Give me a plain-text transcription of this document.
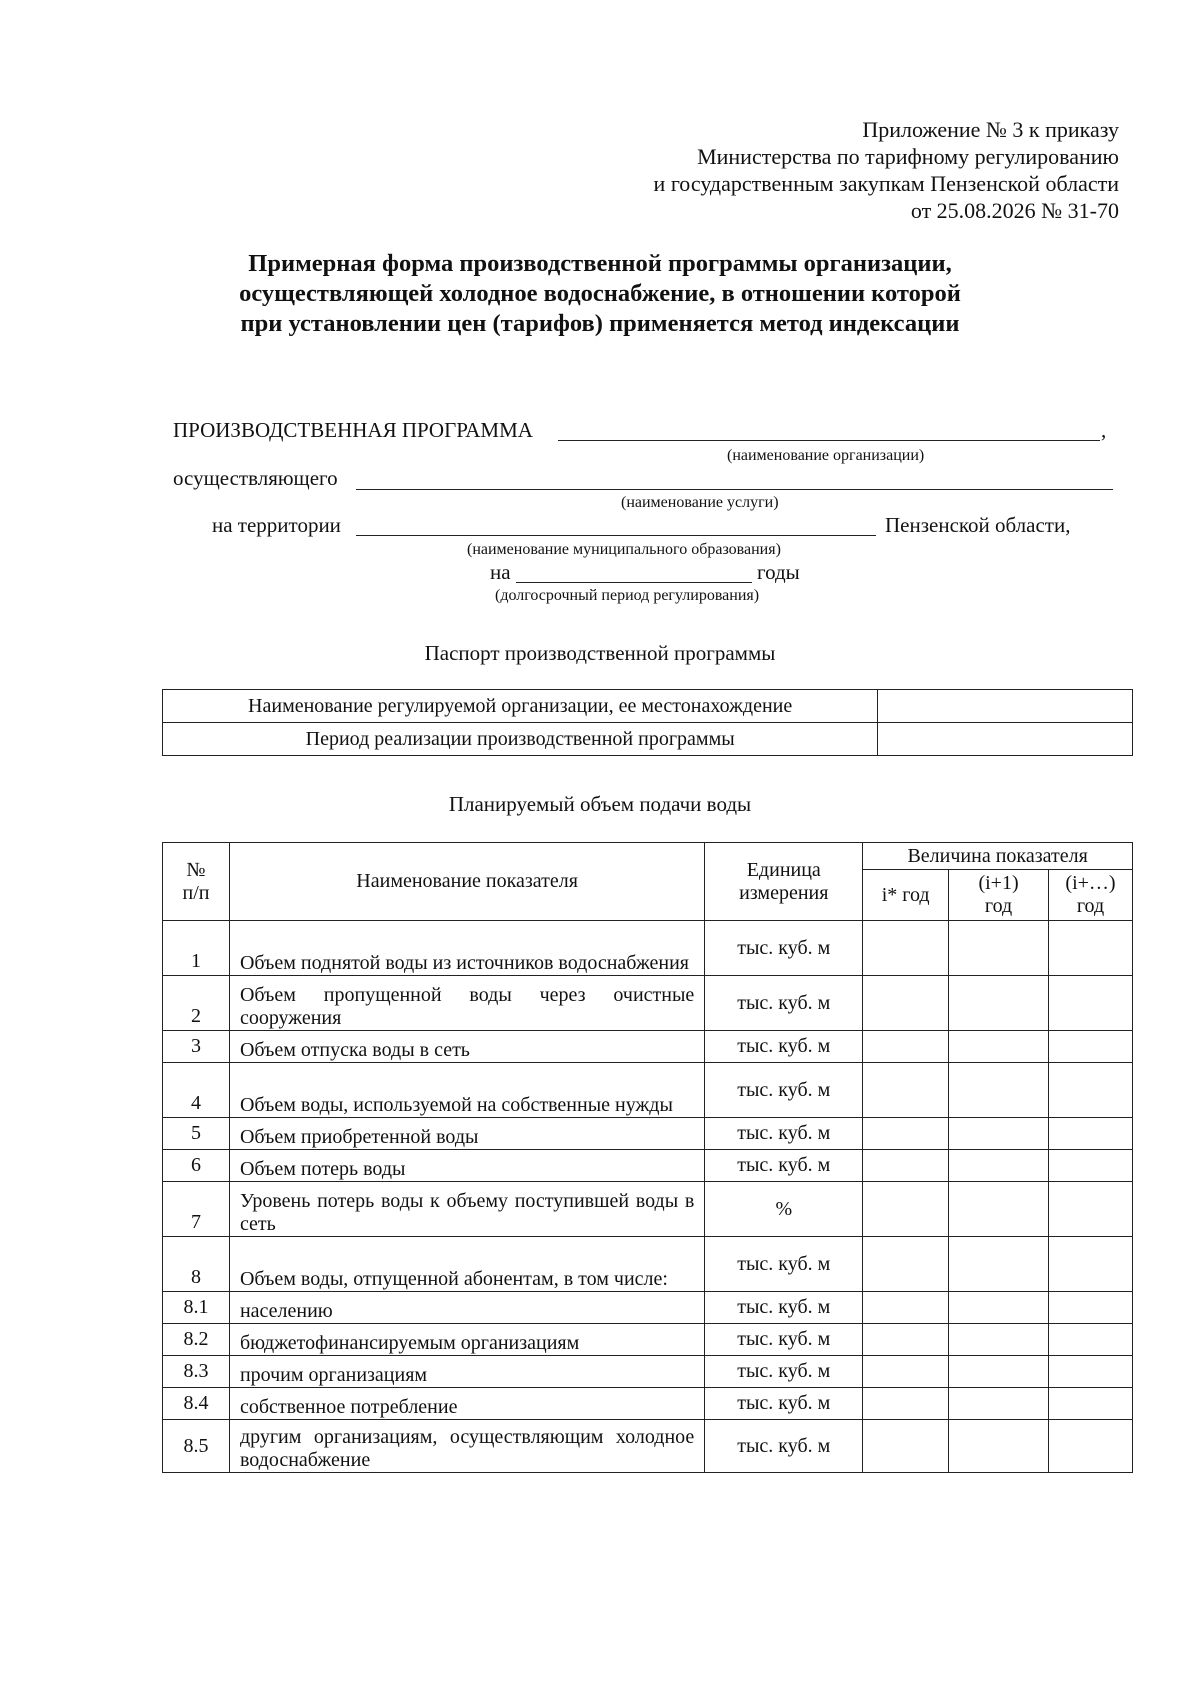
Приложение № 3 к приказу
Министерства по тарифному регулированию
и государственным закупкам Пензенской области
от 25.08.2026 № 31-70
Примерная форма производственной программы организации,
осуществляющей холодное водоснабжение, в отношении которой
при установлении цен (тарифов) применяется метод индексации
ПРОИЗВОДСТВЕННАЯ ПРОГРАММА	,
(наименование организации)
осуществляющего
(наименование услуги)
на территории	Пензенской области,
(наименование муниципального образования)
на	годы
(долгосрочный период регулирования)
Паспорт производственной программы
Наименование регулируемой организации, ее местонахождение	
Период реализации производственной программы	
Планируемый объем подачи воды
№ п/п	Наименование показателя	Единица измерения	Величина показателя		
			i* год	(i+1) год	(i+…) год
1	Объем поднятой воды из источников водоснабжения	тыс. куб. м			
2	Объем пропущенной воды через очистные сооружения	тыс. куб. м			
3	Объем отпуска воды в сеть	тыс. куб. м			
4	Объем воды, используемой на собственные нужды	тыс. куб. м			
5	Объем приобретенной воды	тыс. куб. м			
6	Объем потерь воды	тыс. куб. м			
7	Уровень потерь воды к объему поступившей воды в сеть	%			
8	Объем воды, отпущенной абонентам, в том числе:	тыс. куб. м			
8.1	населению	тыс. куб. м			
8.2	бюджетофинансируемым организациям	тыс. куб. м			
8.3	прочим организациям	тыс. куб. м			
8.4	собственное потребление	тыс. куб. м			
8.5	другим организациям, осуществляющим холодное водоснабжение	тыс. куб. м			
